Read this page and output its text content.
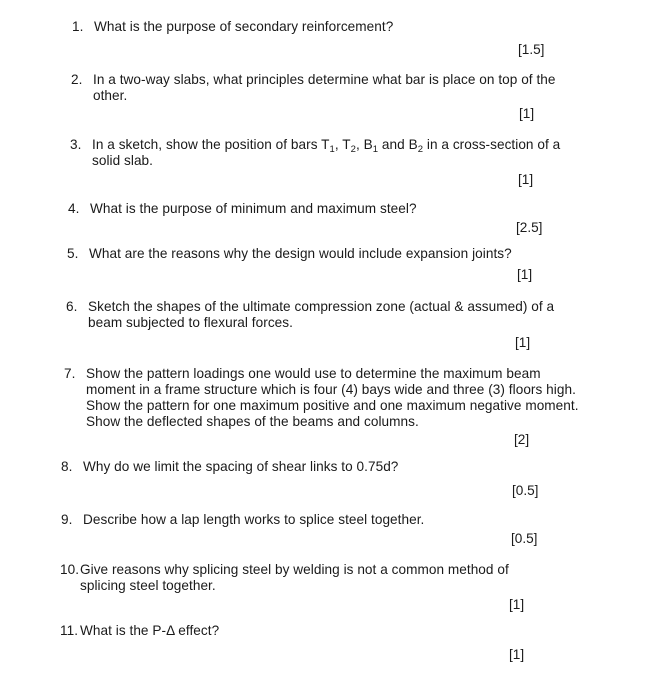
1. What is the purpose of secondary reinforcement?
[1.5]
2. In a two-way slabs, what principles determine what bar is place on top of the other.
[1]
3. In a sketch, show the position of bars $T_1$, $T_2$, $B_1$ and $B_2$ in a cross-section of a solid slab.
[1]
4. What is the purpose of minimum and maximum steel?
[2.5]
5. What are the reasons why the design would include expansion joints?
[1]
6. Sketch the shapes of the ultimate compression zone (actual & assumed) of a beam subjected to flexural forces.
[1]
7. Show the pattern loadings one would use to determine the maximum beam moment in a frame structure which is four (4) bays wide and three (3) floors high. Show the pattern for one maximum positive and one maximum negative moment. Show the deflected shapes of the beams and columns.
[2]
8. Why do we limit the spacing of shear links to 0.75d?
[0.5]
9. Describe how a lap length works to splice steel together.
[0.5]
10. Give reasons why splicing steel by welding is not a common method of splicing steel together.
[1]
11. What is the P-Δ effect?
[1]
